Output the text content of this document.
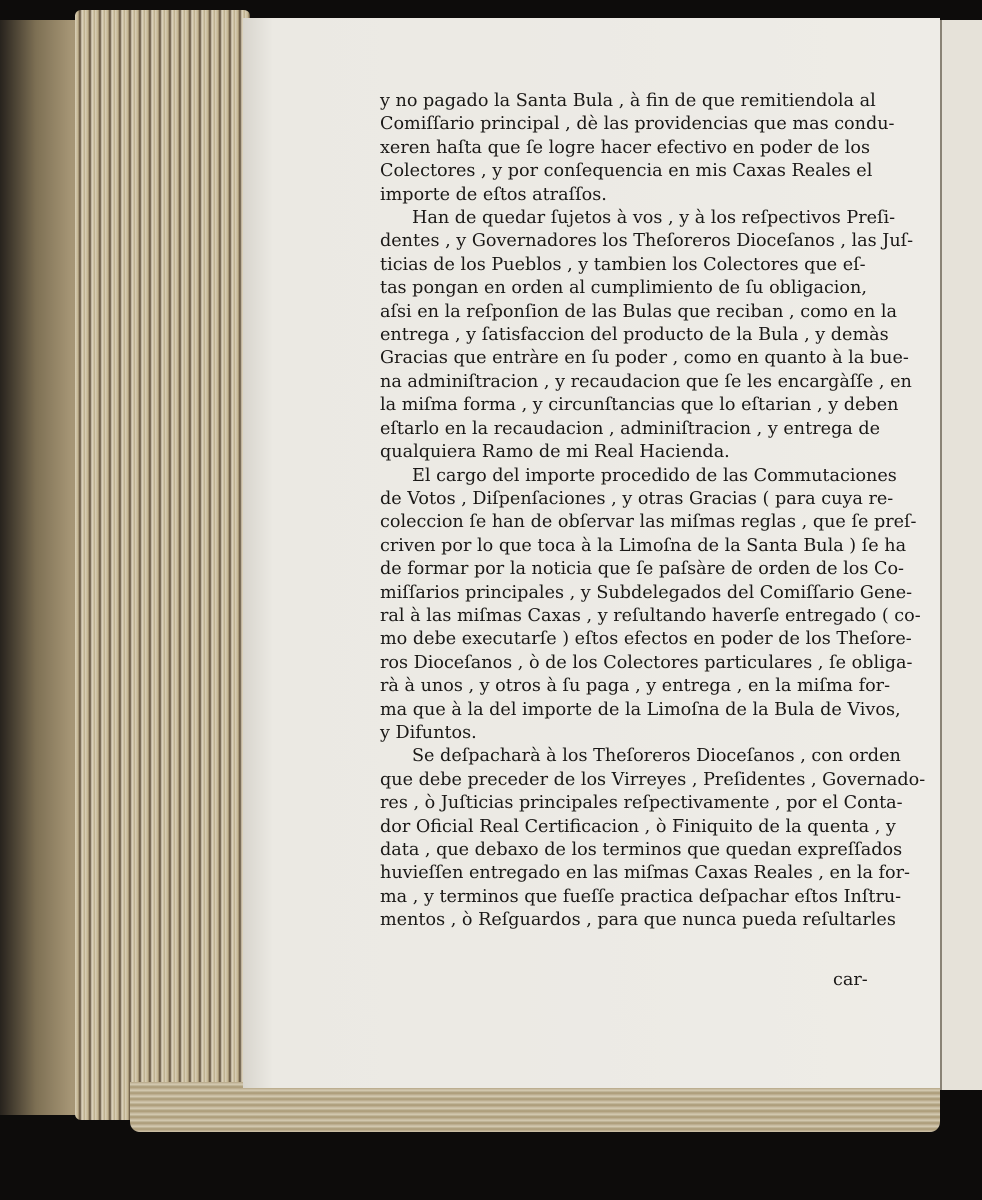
y no pagado la Santa Bula , à fin de que remitiendola al
Comiſſario principal , dè las providencias que mas condu-
xeren haſta que ſe logre hacer efectivo en poder de los
Colectores , y por conſequencia en mis Caxas Reales el
importe de eſtos atraſſos.
Han de quedar ſujetos à vos , y à los reſpectivos Preſi-
dentes , y Governadores los Theſoreros Dioceſanos , las Juſ-
ticias de los Pueblos , y tambien los Colectores que eſ-
tas pongan en orden al cumplimiento de ſu obligacion,
aſsi en la reſponſion de las Bulas que reciban , como en la
entrega , y ſatisfaccion del producto de la Bula , y demàs
Gracias que entràre en ſu poder , como en quanto à la bue-
na adminiſtracion , y recaudacion que ſe les encargàſſe , en
la miſma forma , y circunſtancias que lo eſtarian , y deben
eſtarlo en la recaudacion , adminiſtracion , y entrega de
qualquiera Ramo de mi Real Hacienda.
El cargo del importe procedido de las Commutaciones
de Votos , Diſpenſaciones , y otras Gracias ( para cuya re-
coleccion ſe han de obſervar las miſmas reglas , que ſe preſ-
criven por lo que toca à la Limoſna de la Santa Bula ) ſe ha
de formar por la noticia que ſe paſsàre de orden de los Co-
miſſarios principales , y Subdelegados del Comiſſario Gene-
ral à las miſmas Caxas , y reſultando haverſe entregado ( co-
mo debe executarſe ) eſtos efectos en poder de los Theſore-
ros Dioceſanos , ò de los Colectores particulares , ſe obliga-
rà à unos , y otros à ſu paga , y entrega , en la miſma for-
ma que à la del importe de la Limoſna de la Bula de Vivos,
y Difuntos.
Se deſpacharà à los Theſoreros Dioceſanos , con orden
que debe preceder de los Virreyes , Preſidentes , Governado-
res , ò Juſticias principales reſpectivamente , por el Conta-
dor Oficial Real Certificacion , ò Finiquito de la quenta , y
data , que debaxo de los terminos que quedan expreſſados
huvieſſen entregado en las miſmas Caxas Reales , en la for-
ma , y terminos que fueſſe practica deſpachar eſtos Inſtru-
mentos , ò Reſguardos , para que nunca pueda reſultarles
car-
